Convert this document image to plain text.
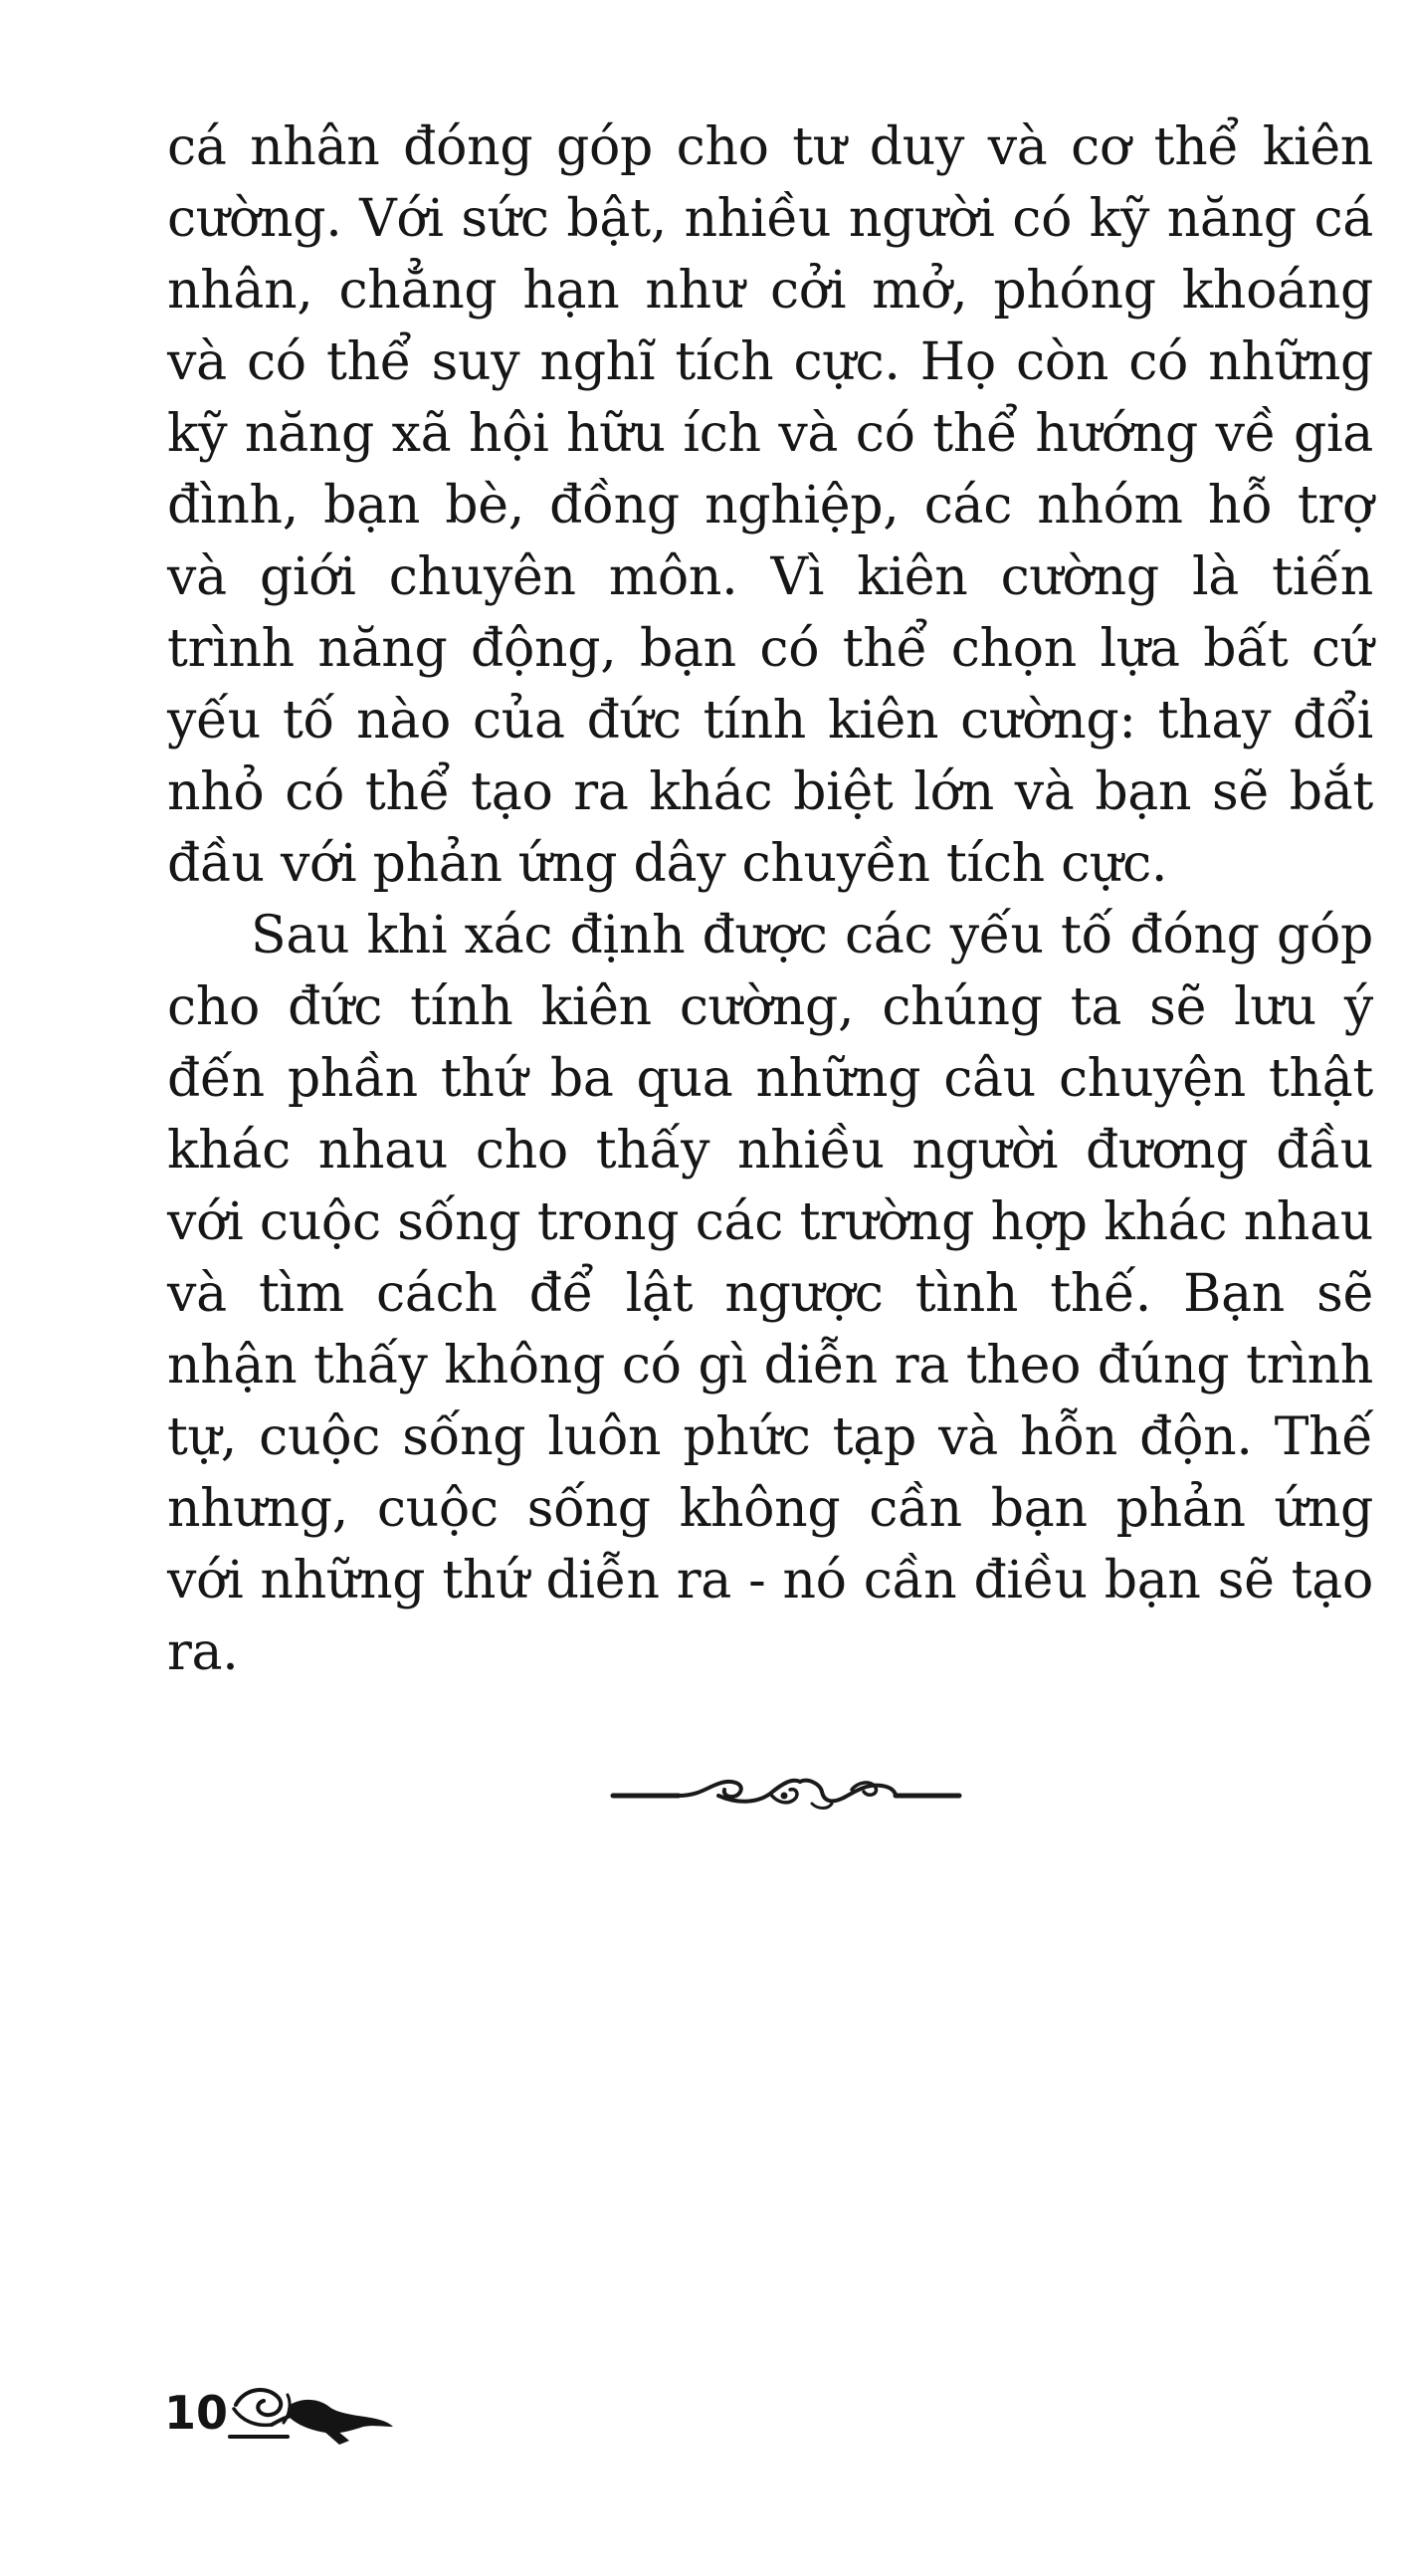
cá nhân đóng góp cho tư duy và cơ thể kiên cường. Với sức bật, nhiều người có kỹ năng cá nhân, chẳng hạn như cởi mở, phóng khoáng và có thể suy nghĩ tích cực. Họ còn có những kỹ năng xã hội hữu ích và có thể hướng về gia đình, bạn bè, đồng nghiệp, các nhóm hỗ trợ và giới chuyên môn. Vì kiên cường là tiến trình năng động, bạn có thể chọn lựa bất cứ yếu tố nào của đức tính kiên cường: thay đổi nhỏ có thể tạo ra khác biệt lớn và bạn sẽ bắt đầu với phản ứng dây chuyền tích cực.

Sau khi xác định được các yếu tố đóng góp cho đức tính kiên cường, chúng ta sẽ lưu ý đến phần thứ ba qua những câu chuyện thật khác nhau cho thấy nhiều người đương đầu với cuộc sống trong các trường hợp khác nhau và tìm cách để lật ngược tình thế. Bạn sẽ nhận thấy không có gì diễn ra theo đúng trình tự, cuộc sống luôn phức tạp và hỗn độn. Thế nhưng, cuộc sống không cần bạn phản ứng với những thứ diễn ra - nó cần điều bạn sẽ tạo ra.

10
